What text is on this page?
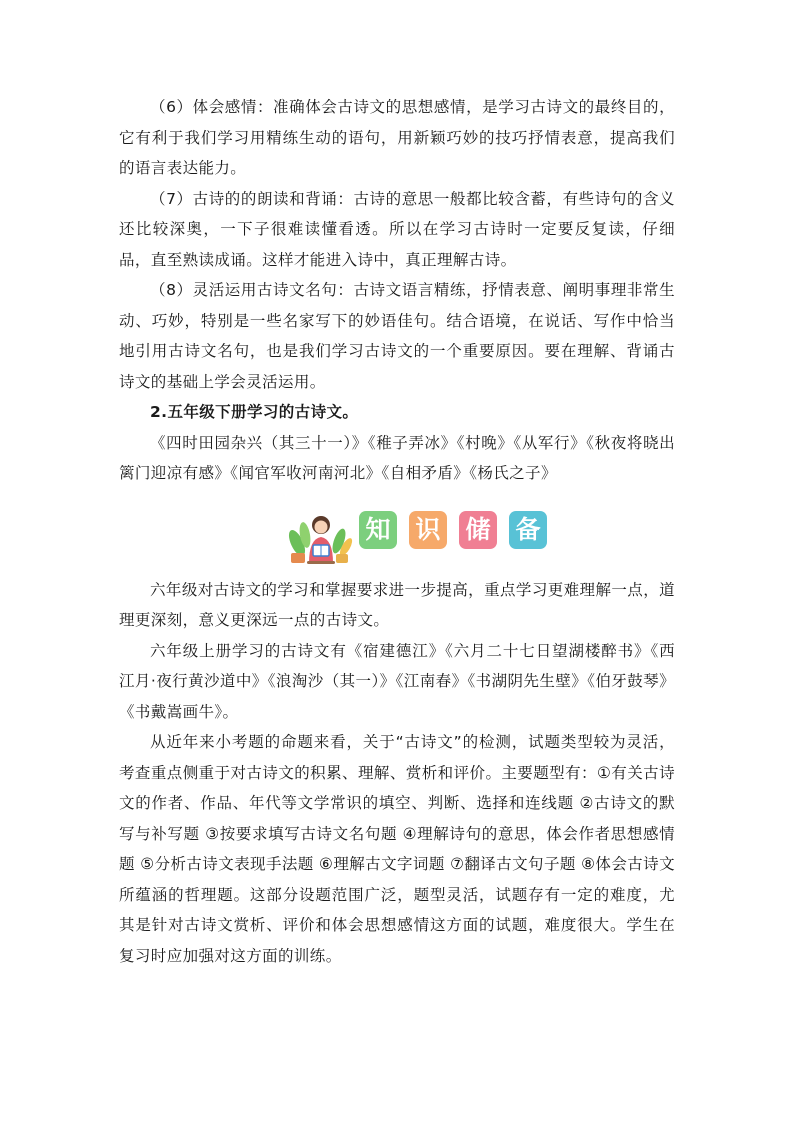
（6）体会感情：准确体会古诗文的思想感情，是学习古诗文的最终目的，它有利于我们学习用精练生动的语句，用新颖巧妙的技巧抒情表意，提高我们的语言表达能力。

（7）古诗的的朗读和背诵：古诗的意思一般都比较含蓄，有些诗句的含义还比较深奥，一下子很难读懂看透。所以在学习古诗时一定要反复读，仔细品，直至熟读成诵。这样才能进入诗中，真正理解古诗。

（8）灵活运用古诗文名句：古诗文语言精练，抒情表意、阐明事理非常生动、巧妙，特别是一些名家写下的妙语佳句。结合语境，在说话、写作中恰当地引用古诗文名句，也是我们学习古诗文的一个重要原因。要在理解、背诵古诗文的基础上学会灵活运用。

2.五年级下册学习的古诗文。

《四时田园杂兴（其三十一）》《稚子弄冰》《村晚》《从军行》《秋夜将晓出篱门迎凉有感》《闻官军收河南河北》《自相矛盾》《杨氏之子》

知 识 储 备

六年级对古诗文的学习和掌握要求进一步提高，重点学习更难理解一点，道理更深刻，意义更深远一点的古诗文。

六年级上册学习的古诗文有《宿建德江》《六月二十七日望湖楼醉书》《西江月·夜行黄沙道中》《浪淘沙（其一）》《江南春》《书湖阴先生壁》《伯牙鼓琴》《书戴嵩画牛》。

从近年来小考题的命题来看，关于“古诗文”的检测，试题类型较为灵活，考查重点侧重于对古诗文的积累、理解、赏析和评价。主要题型有：①有关古诗文的作者、作品、年代等文学常识的填空、判断、选择和连线题 ②古诗文的默写与补写题 ③按要求填写古诗文名句题 ④理解诗句的意思，体会作者思想感情题 ⑤分析古诗文表现手法题 ⑥理解古文字词题 ⑦翻译古文句子题 ⑧体会古诗文所蕴涵的哲理题。这部分设题范围广泛，题型灵活，试题存有一定的难度，尤其是针对古诗文赏析、评价和体会思想感情这方面的试题，难度很大。学生在复习时应加强对这方面的训练。
